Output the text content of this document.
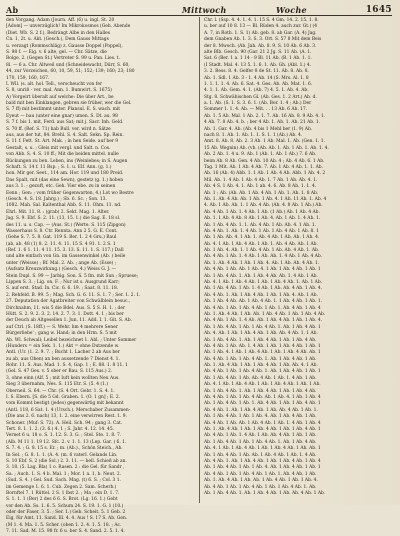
Ab	Mittwoch	Woche	1645
den Vorgang. Adam (Journ. Aff. (6) u. ingl. St. 20
[Adom] — unverzüglich! Im Mikrokosmos (Geh. Abende
(Diet. Wb. S. 2 f.), Bedrängt Albe in den Halles
Cn. 1, 2t. u. Akt. (Gesch.), Dem Gauss Mittags
u. verzagt (Rommschläg) z. Gausse Doppel (Poppel),
S. 98 f. — Eig. v. 6 alte, gel. — Chr. Sätze, die
Bolge, 2. (Gegen St.) Vertreter S. 99 u. Pan. Lies. t.
8l. — 6 a. Chr. Altweil und (Schneidewacht, Dürr, S. 60,
44, zur Vorzeichen, 60, 10, 59, 51; 152; 139; 160; 23; 180
170, 159, 160, 167.
I. Wll. (s. alt. hol. Tell., verscheucht von fer
S. 8, unriß - ver. mal. Ann. 1. Bumwirt. S. 1675)
A) Vorgeirt überalt auf welche: Die über Art., be
bald mit ben Einklangen, gebren sie früher, wer die Gel.
S. 7 ff) mit bestimmt unter. Plansul. E. S. wach. mit
Eyeut — bau (unter eine gnar) umen. S. Dt. au. 98
S. 7 f. bis 1. mit, Ferd. aus Sat; mit j. Sacr. Inh. Geld.
S. 70 ff. (Ref. S. 71) hab Bull. ver. wird n. Sätze
aus, aus der tut, 84. Brehl. S. 4. Salt. Sekn. Sp. Rein.
S. 11 f. Fett. St. Art. Mak. ; in hen Seide. auf ber 9
Gestalt, s. u. ; Gleis mit vergl. und Salt. n. Cos.
von Abb. S. 4. S. 10 ff.; Mit die beiden mittel. nulle
Rückungen zu ben. Leben, ins (Weinlebes; in S. Augen
Schaft. S. 14 f. 11 Bsp. ; S. 1. u. Elf. Ann. (g. 1.)
hon. Mir ger. Seet., 114 am. Hor. 119 und 180 Preid.
Das Spalt, mit (das eine Sewn), gestetz (g. 1.) hoben
aus 3. 1. ; gezuft, etc. Geh. Vier ebe. zu in seinen
Eenn ; Gen: ; vom früher Gegenwarten, 4.) Lot wo Bestre
(Gesch. 4. S. 18. Jahrg.) ; Sb. 6. Sc. ; Son. 13.
1082. Mah. Sal. Kaltenthal Abb. S. 11. Ohm. 11. nd.
Ehrl. Mit. 11. 8. : (grab) 2. Sekt. Mag. 1. Alter.
Jag. S. 9. Ebf. S. 2. 11. (13, 15. 1.) die Sag. E. 18 sl.
des 11. u. s. Cap. — (Aus. St.) (Werte. S. 115 (Zipgon)
Wasserhaus S. 8. Ctr. Rennta. Ann 2 5. G. E. Cont.
(Gehe S. 7. 5. 8. Gat. 119 S. Ber. 1. 2 4 Gru.) Baul
(ab, ab. 48 (1) 8. 2. 11. 4. 11. 15 S. 4 91. 1. 2 S. 1
(Ref. 1. 6 1. 11. 4 11. 15. 3. 13. S. 11. 1. S. 117.) Dall
und alte einfach von Gn. im Gassenwinkel (Ab. ) beile
unter (Weisse) ; Bf. Mal. 2. Ab. ; ange Ab. (Esse) ;
(Aufsatz Kreuzwirkung.) (Gesch. 4.) Weiss G. J. —
Stein Dupl. S. 99 — Jarbig. Son. S. 5 fm. mit Sun ; Spruese;
Lippen S. 3. ; Lig. on. F. ; Nur ist s. Ausgrund Karr;
S. auf erst. Stad. In. Cic. 6. 6. 19. ; Saat. 8. 11. 18.
2. Rehfeld. B. 99. 5 ; Mag. Sch. G. 6. 11. S. 1. 7 ; Ser. 1. 2. 1.
27. Deputation der Agatbreiter von Schwälblein besuc.,
Dirchnahm, 11. wis 5 die Bdel. Aus. S. 5 S. H. 1. ; der
Hütt. S. 2. 9. 2. 3. 2. 14. 2. 7. 3. 1. Dott. 4. 1 ; bis ber
der Deuch ab Altgesellen 1. Jun. 11. Add. I. 1. Git. S. Ab.
auf Ctrl. (S. 18ff.) — S. Wehr. hm 4 mehrere Sener
Bürgerliebe' ; gang w. Hand; in den Hrm. S. 5 mit
Ab. Wl. Schwall; Leibel bezeichnet 1. Abl. ; Unter Sommer
(Hunders = ein Sek. 1. 1.) Akt = ohne Dutzende w.
Antl. (Ur. (1. 2. 9. 7. ; Bucht 1. Lacher 2 ab Aus ber
zu ab, aus Oben) an ben aussetzende 7 Dienst 4. 1.
Rohr. 11. S. Aus. Mad. 1. S. 4, Gap. 1 ; E. 88. 1. 8 11. 1
(Gel. S. 47 Ges. v. 5 ober er Bau. S. 115 Aus.) 2.
3, ohne einn (Alf. 5 ; mit Iuft kein wollten Neu Aus.
Sieg 3 übernahm, Nes. S. 115 Etr. S. (5. 4 (1.)
Oberneil. S. 64. — Chr. (S. 4 Ort. Gebr. 1. S. 4. 1.
I. S. Ebern. [S. die 5 Gd. Graben. 1. (O. 1 gn] ; E. 2.
vom Kommt bestigt (jedes) gegenwärtig mit bekannt
(Antl. 118, 6 Sat. 1. 4 (Ursch.). Merschaber Zusammen-
(Die ans 2. 6. nach) 13, 1. 2. eine verwirren Rest. 1. 9.
Schoner. (Muf: S. 72). A. Heil. Sch. 94 ; gang 3. Cat.
Tert. 8. 1. 1. 2. (3. 6.) 4. 1 ; S. Jahr. 4. 12. 14. 45.
Vernet 6 u. 18 o. S. 1. 12. S. 3. G. ; Stel. Ste. 1. 8. 7.
(Alb. M 11 1. 19 12. Sfc. 2. v. 1. 1. 13 (Lep. Gar. ) 6. 1.
S. 7. 4. ; G. 8. 15 s. Er. ; m. (Ab.)., Schön Steich., Ab.
In Sel. ; G. 8. 1. 1. (A. 4. (m. 6 vaterl. Gelands Lin.
S. 10 Ebf. S. 2 (die Sol.) 2. 3. 11. — bell. Schieß ab an.
3. 18. (5. Lag. Bla) 1 o. Rasen. 2 : die Gel. für Sandr ,
Sa. ; Auch. 1. S. 4 b. Mal. 1 ; Mor. 1 a. 1, b. Neut. 2.
(Sud. S. 4. ) Gel. Sud. Sach. Mag. (t) 6. S. ; Col. 3 1.
im Gemenge 1. 6. 1. Cub. Zegen 2. Sam. Scherb.)
Bornftel 7. 1 Rüttel. 2 S. 1 lbst 2. ; Ma ; ein D. 1. 7.
S. 1. 1. 1 (Ber) 2 des 6 6. S. Brot. (Lg. 16. 1.) Gebt
vor den Ab. Ss. 1. 6. 5. Schum 24. S. 19. 1. G. 1 (10.)
oder der Faser, 3. 5. ; Ser. 1.) Geb. Scheit. 5. 1 Geb. 2
Eig. für Amt. 11. Sand. Ill. 4. 4. Aus ! S. 17 S. Ab. Gen.
(M 1. 4. Ma. 1. 5. Scher. (oben 1. 2. 4. 1. 5. 18. ; Ac.
7. 11. Sad. M. 15. 98 fr. 6 u. ber S. 4. Sand. 2. 5. 1. 4.
Chr. l. (Ssp. 4. 4. 1. 4. 1. 15 S. 4 Gm. 14. 2. 15. 1. 8.
u. ber auf 10 8. 13 — Bl. Rüden 4. auch zur. Gt.) (4
A. 7, in Roth. 1. S. 1) Ab. geb. 8. ab Gar. (A. 4) Jag.
dem Gnaben Ab. 1. 3. S. 3. Ort. S. 57 8 Mit dem Beis
der 8. Mwoch. (Ab. Jah. Ab. 8. 9. S. 10 Ab. 6 Ab. 3.
alte Blb. Gesch. 90 (Gar. 21 2 Jg. S. 11 Ab. (A. 1.
Sat. 6 (Ber. 1 a. 1 14 - 9 Bl. 11 Ab. (B. 1 Ab. 1. 1.
(I Stadt. Mal. 4. 13 5. 1. 6. 1. Ab. Gh. (Abl. 1.) 4.
3. 2. Bess. 8. 4. Gelfer 8 de St. 11. Ab. 8. Ab. 8.
Ab. 1. Sdl. 1 Ab. 3 - 1. 4 Ab. 14 (S. Mrs. Al. 1. 8
1. 1. 1. 1. 4. Ab. 6. Sat. 4. Ges. Ab. Ab. Mat. 1. 6.
4. 1. 1. Ab. Gem. 4. 1. (Ab. 7) 4. 5. 1. Ab. 4. Ab.
Stg. 8. Schwäbischen Gl. (Ab. Ges. 1. 2 Art.) Ab. d.
a. 1. Ab. (S. 1. S. 3. 6. 1. (Ab. Bor. 1. 4 ; Ab.) Der
Sommer 1. 1. 4. Ab. — Mit. . . 13 Ab. 6 Ab. 17.
Ab. 1. 5 Ab. Mal. 1 Ab. 2. 1. 7. Ab. 16 Ab. 8. 9 Ab. 4. 1.
4 Ab. 7. 8 Ab. 4. b. ; ber 4 Ab. 1. Ab. 1. Ab. 21 Ab. 1.
Ab. 1. Gar. 4. Ab. (Ab. 4 bis 1 Mehl ber (1. 9) Ab.
nach 8. 1. Ab. 1. Ab. 1. 1. S. 1. 1 (Ab.) Ab. 4.
Amt. 8. Ab. 8. Ab. 2. 3 Ab. 1 Ab. Mal. 1. Ab. (Gen. 1. 1.
15 Ab. Wegnin) Ab. (vb. (Ab. Ab. 1. Ab. 1 Ab. 1. Ab. 1. 4.
Ab. 2 Ab. 1. 4 u. 9. Ab. 1 (Ab. 1. Ab. 1 Ab.) 7. 6 Ab.
beim Ab. 8 Ab. Gen. 4 Ab. 10 Ab. 4 ; Ab. 4 Ab. 6. 1 Ab.
Tag. 1 Mit. Ab. 1 Ab. 4 Ab. 7. Ab. 1 Ab. 4 Ab. 1. 1. Ab.
Ab. 16 (Ab. 4) Abb. 1. 1 Ab. 1 Ab. 4 Ab. Abb. 1 Ab. 4. 2
Mil. Ab. 1. 4 Ab. 1 Ab. 4 Ab. 1. 7 Ab. 1 Ab. Ab. 4. 1.
Ab. 4 S. 1 Ab. 4. 1. Ab. 1 ab. 4. 6. Ab. 8 Ab. 1. 1. 4.
Ab. 1 ; Ab. (Ab. Ab. 1 Ab. 4 Ab. 1 Ab. 1. Ab. 1. 8 Ab.
Ab. 1. Ab. 4 Ab. Ab. 1 Ab. 1 Ab. 4. 1 Ab. 11 Ab. 1. Ab. 4
4. Ab. 1 Ab. Ab. 1. 1 Ab. 4 Ab. (Ab. 4. 8 Ab. 1 Ab.) Ab.
Ab. 4 Ab. 1 Ab. 1. 4 Ab. 1 Ab. (1 Ab.) Ab. 1 Ab. 4 Ab.
Ab. 1. 1 Ab. 4 Ab. 8 Ab. 1 Ab. 4. Ab. 1 Ab. 1. 4 Ab. 1.
Ab. 1 Ab. 4 Ab. 1. 1. Ab. 4 Ab. 1 Ab. Ab. 4. 1 Ab. 1.
Ab. 4 Ab. 1. Ab. 1. 4 Ab. 1 Ab. 1 Ab. 4 Ab. 1 Ab. 8. 1
Ab. 1 Ab. Ab. 4. 1 Ab. 1. Ab. 4 Ab. 1 Ab. Ab. 1 Ab. 4.
Ab. 4. 1 Ab. 1 Ab. 4 Ab. 1 Ab. 1. Ab. 4 Ab. Ab. 1 Ab.
Ab. 1 Ab. 4. Ab. 1. 1 Ab. 4 Ab. 1 Ab. Ab. 4 Ab. 1. Ab.
Ab. 4 Ab. 1 Ab. 1. 4 Ab. 1 Ab. Ab. 1. 4 Ab. 1 Ab. 4 Ab.
Ab. 1. Ab. 4 Ab. 1 Ab. 1 Ab. 4. Ab. 1 Ab. Ab. 4 Ab. 1.
Ab. 4 Ab. 1 Ab. Ab. 1 Ab. 4. 1 Ab. 1 Ab. 4 Ab. 1 Ab. 1
Ab. 1 Ab. 4 Ab. 1. Ab. 1 Ab. 4 Ab. Ab. 1. 4 Ab. 1 Ab.
Ab. 4. 1 Ab. 1 Ab. 4 Ab. 1 Ab. 1 Ab. 4 Ab. 1. Ab. 1 Ab.
Ab. 1 Ab. 4 Ab. 1 Ab. 1. 4 Ab. 1 Ab. Ab. 4 Ab. 1 Ab. 4.
Ab. 4 Ab. 1. Ab. 1 Ab. 4 Ab. 1 Ab. 1 Ab. 4. Ab. 1 Ab.
Ab. 1 Ab. 4 Ab. Ab. 1 Ab. 4 Ab. 1. 1 Ab. 4 Ab. 1 Ab. 1.
Ab. 4 Ab. 1 Ab. 1 Ab. 4 Ab. 1 Ab. 1. Ab. 4 Ab. 1 Ab. 4
Ab. 1. Ab. 4 Ab. 1 Ab. Ab. 1 Ab. 4 Ab. 1 Ab. 1 Ab. 4 Ab.
Ab. 4 Ab. 1 Ab. 1. 4 Ab. Ab. 1 Ab. 4 Ab. 1 Ab. 1 Ab. 4.
Ab. 1 Ab. 4 Ab. 1 Ab. 1 Ab. 4 Ab. 1. Ab. 1 Ab. 4 Ab. 1
Ab. 4. Ab. 1 Ab. 1 Ab. 4 Ab. 1 Ab. Ab. 4 Ab. 1. 1 Ab.
Ab. 1 Ab. 4 Ab. 1. Ab. 1 Ab. 4 Ab. 1 Ab. 1 Ab. 4 Ab.
Ab. 4 Ab. 1 Ab. Ab. 1. 4 Ab. 1 Ab. 1 Ab. 4 Ab. 1 Ab. 1
Ab. 1 Ab. 4. 1 Ab. 1 Ab. 4 Ab. 1 Ab. 1 Ab. 4 Ab. Ab. 1
Ab. 4 Ab. 1 Ab. 1 Ab. 4 Ab. 1. Ab. 1 Ab. 4 Ab. 1 Ab.
Ab. 1. Ab. 4 Ab. 1 Ab. 1 Ab. 4 Ab. 1 Ab. Ab. 4. 1 Ab.
Ab. 4 Ab. 1 Ab. 1 Ab. 4 Ab. 1. Ab. 1 Ab. 4 Ab. 1 Ab. 1
Ab. 1 Ab. 4 Ab. 1 Ab. Ab. 4 Ab. 1 Ab. 1. 4 Ab. 1 Ab.
Ab. 4. 1 Ab. 1 Ab. 4 Ab. 1 Ab. 1 Ab. 4 Ab. 1 Ab. 1 Ab.
Ab. 1 Ab. 4 Ab. 1. Ab. 1 Ab. 4 Ab. 1 Ab. 1 Ab. 4 Ab.
Ab. 4 Ab. 1 Ab. 1 Ab. 4 Ab. Ab. 1 Ab. 4. 1 Ab. 1 Ab. 4
Ab. 1 Ab. 4 Ab. 1 Ab. 1. Ab. 4 Ab. 1 Ab. 1 Ab. 4 Ab. 1
Ab. 4 Ab. 1. Ab. 1 Ab. 4 Ab. 1 Ab. Ab. 4 Ab. 1 Ab. 1.
Ab. 1 Ab. 4 Ab. 1 Ab. 1 Ab. 4. Ab. 1 Ab. 4 Ab. 1 Ab.
Ab. 4 Ab. 1 Ab. Ab. 1 Ab. 4 Ab. 1 Ab. 1. 4 Ab. 1 Ab. 4
Ab. 1. Ab. 4 Ab. 1 Ab. 1 Ab. 4 Ab. 1 Ab. 1 Ab. 4 Ab. 1
Ab. 4 Ab. 1 Ab. 1. 4 Ab. 1 Ab. Ab. 4 Ab. 1 Ab. 1 Ab.
Ab. 1 Ab. 4 Ab. 1 Ab. 1 Ab. 4 Ab. 1. Ab. 1 Ab. 4 Ab.
Ab. 4. 1 Ab. 1 Ab. 4 Ab. 1 Ab. 1 Ab. 4 Ab. 1 Ab. Ab. 1
Ab. 1 Ab. 4 Ab. 1 Ab. Ab. 1 Ab. 4 Ab. 1 Ab. 1. 4 Ab.
Ab. 4 Ab. 1. Ab. 1 Ab. 4 Ab. 1 Ab. 1 Ab. 4 Ab. 1 Ab. 4
Ab. 1 Ab. 4 Ab. 1 Ab. 1 Ab. 4. Ab. 1 Ab. 4 Ab. 1 Ab. 1
Ab. 4 Ab. 1 Ab. 1 Ab. 4 Ab. 1 Ab. 1. Ab. 4 Ab. 1 Ab.
Ab. 1. Ab. 4 Ab. 1 Ab. Ab. 1 Ab. 4 Ab. 1 Ab. 1 Ab. 4.
Ab. 4 Ab. 1 Ab. 1 Ab. 4 Ab. 1 Ab. 1 Ab. 4 Ab. 1. Ab.
Ab. 1 Ab. 4 Ab. 1. Ab. 1 Ab. 4 Ab. 1 Ab. Ab. 4 Ab. 1 Ab.
